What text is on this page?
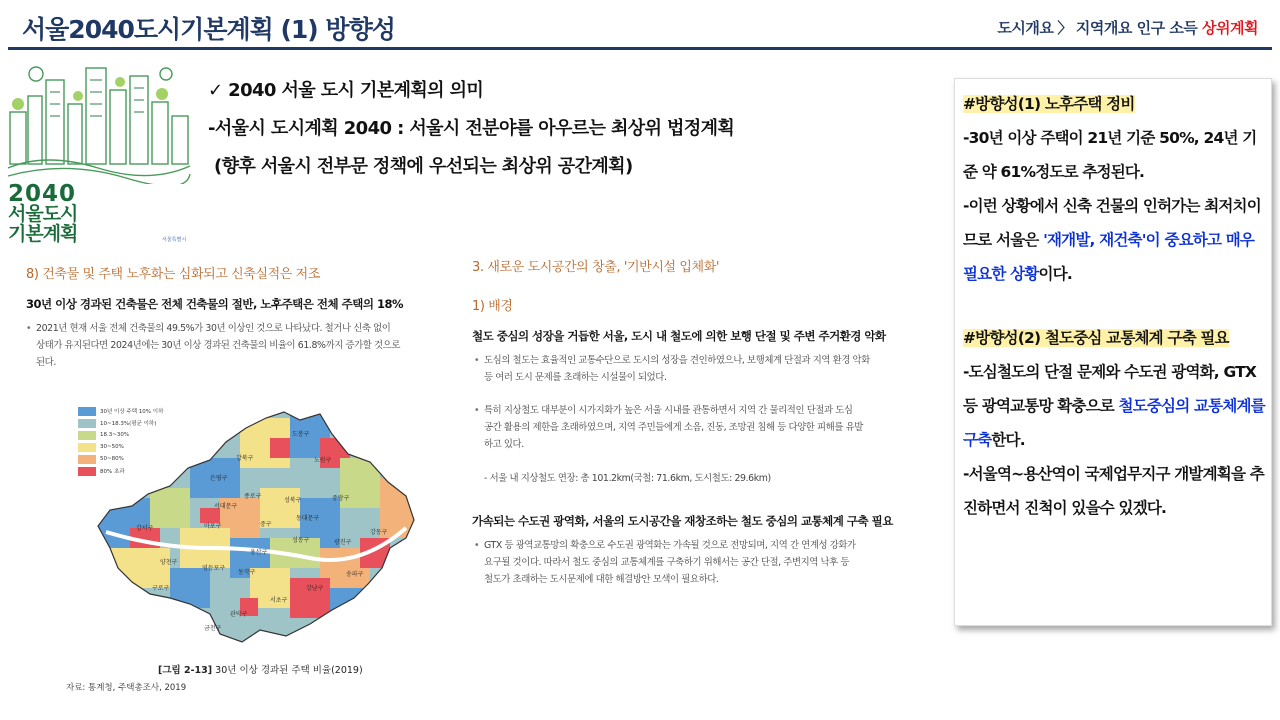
서울2040도시기본계획 (1) 방향성	도시개요 〉 지역개요 인구 소득 상위계획
2040
서울도시
기본계획	서울특별시
✓ 2040 서울 도시 기본계획의 의미
-서울시 도시계획 2040 : 서울시 전분야를 아우르는 최상위 법정계획
(향후 서울시 전부문 정책에 우선되는 최상위 공간계획)
8) 건축물 및 주택 노후화는 심화되고 신축실적은 저조
30년 이상 경과된 건축물은 전체 건축물의 절반, 노후주택은 전체 주택의 18%
• 2021년 현재 서울 전체 건축물의 49.5%가 30년 이상인 것으로 나타났다. 철거나 신축 없이
상태가 유지된다면 2024년에는 30년 이상 경과된 건축물의 비율이 61.8%까지 증가할 것으로
된다.
도봉구
강북구	노원구
은평구
성북구	중랑구
종로구
동대문구
서대문구
중구
마포구
성동구	광진구
강서구
용산구
양천구
영등포구
동작구
강동구
송파구
강남구
서초구
구로구
금천구
관악구
30년 이상 주택 10% 이하
10~18.3%(평균 이하)
18.3~30%
30~50%
50~80%
80% 초과
[그림 2-13] 30년 이상 경과된 주택 비율(2019)
자료: 통계청, 주택총조사, 2019
3. 새로운 도시공간의 창출, '기반시설 입체화'
1) 배경
철도 중심의 성장을 거듭한 서울, 도시 내 철도에 의한 보행 단절 및 주변 주거환경 악화
• 도심의 철도는 효율적인 교통수단으로 도시의 성장을 견인하였으나, 보행체계 단절과 지역 환경 악화
등 여러 도시 문제를 초래하는 시설물이 되었다.
• 특히 지상철도 대부분이 시가지화가 높은 서울 시내를 관통하면서 지역 간 물리적인 단절과 도심
공간 활용의 제한을 초래하였으며, 지역 주민들에게 소음, 진동, 조망권 침해 등 다양한 피해를 유발
하고 있다.
- 서울 내 지상철도 연장: 총 101.2km(국철: 71.6km, 도시철도: 29.6km)
가속되는 수도권 광역화, 서울의 도시공간을 재창조하는 철도 중심의 교통체계 구축 필요
• GTX 등 광역교통망의 확충으로 수도권 광역화는 가속될 것으로 전망되며, 지역 간 연계성 강화가
요구될 것이다. 따라서 철도 중심의 교통체계를 구축하기 위해서는 공간 단절, 주변지역 낙후 등
철도가 초래하는 도시문제에 대한 해결방안 모색이 필요하다.
#방향성(1) 노후주택 정비
-30년 이상 주택이 21년 기준 50%, 24년 기준 약 61%정도로 추정된다.
-이런 상황에서 신축 건물의 인허가는 최저치이므로 서울은 '재개발, 재건축'이 중요하고 매우 필요한 상황이다.
#방향성(2) 철도중심 교통체계 구축 필요
-도심철도의 단절 문제와 수도권 광역화, GTX 등 광역교통망 확충으로 철도중심의 교통체계를 구축한다.
-서울역~용산역이 국제업무지구 개발계획을 추진하면서 진척이 있을수 있겠다.
